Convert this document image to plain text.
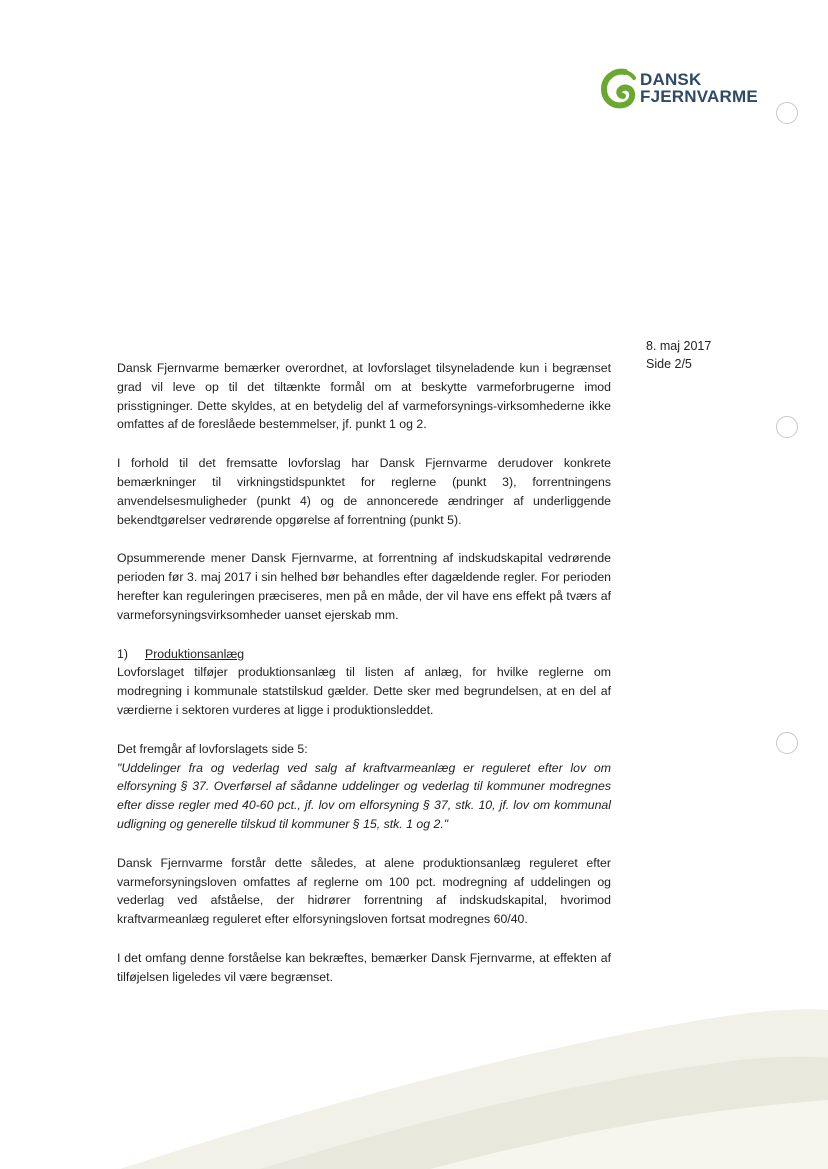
DANSK
FJERNVARME
8. maj 2017
Side 2/5

Dansk Fjernvarme bemærker overordnet, at lovforslaget tilsyneladende kun i begrænset grad vil leve op til det tiltænkte formål om at beskytte varmeforbrugerne imod prisstigninger. Dette skyldes, at en betydelig del af varmeforsynings-virksomhederne ikke omfattes af de foreslåede bestemmelser, jf. punkt 1 og 2.

I forhold til det fremsatte lovforslag har Dansk Fjernvarme derudover konkrete bemærkninger til virkningstidspunktet for reglerne (punkt 3), forrentningens anvendelsesmuligheder (punkt 4) og de annoncerede ændringer af underliggende bekendtgørelser vedrørende opgørelse af forrentning (punkt 5).

Opsummerende mener Dansk Fjernvarme, at forrentning af indskudskapital vedrørende perioden før 3. maj 2017 i sin helhed bør behandles efter dagældende regler. For perioden herefter kan reguleringen præciseres, men på en måde, der vil have ens effekt på tværs af varmeforsyningsvirksomheder uanset ejerskab mm.

1) Produktionsanlæg

Lovforslaget tilføjer produktionsanlæg til listen af anlæg, for hvilke reglerne om modregning i kommunale statstilskud gælder. Dette sker med begrundelsen, at en del af værdierne i sektoren vurderes at ligge i produktionsleddet.

Det fremgår af lovforslagets side 5:

"Uddelinger fra og vederlag ved salg af kraftvarmeanlæg er reguleret efter lov om elforsyning § 37. Overførsel af sådanne uddelinger og vederlag til kommuner modregnes efter disse regler med 40-60 pct., jf. lov om elforsyning § 37, stk. 10, jf. lov om kommunal udligning og generelle tilskud til kommuner § 15, stk. 1 og 2."

Dansk Fjernvarme forstår dette således, at alene produktionsanlæg reguleret efter varmeforsyningsloven omfattes af reglerne om 100 pct. modregning af uddelingen og vederlag ved afståelse, der hidrører forrentning af indskudskapital, hvorimod kraftvarmeanlæg reguleret efter elforsyningsloven fortsat modregnes 60/40.

I det omfang denne forståelse kan bekræftes, bemærker Dansk Fjernvarme, at effekten af tilføjelsen ligeledes vil være begrænset.
